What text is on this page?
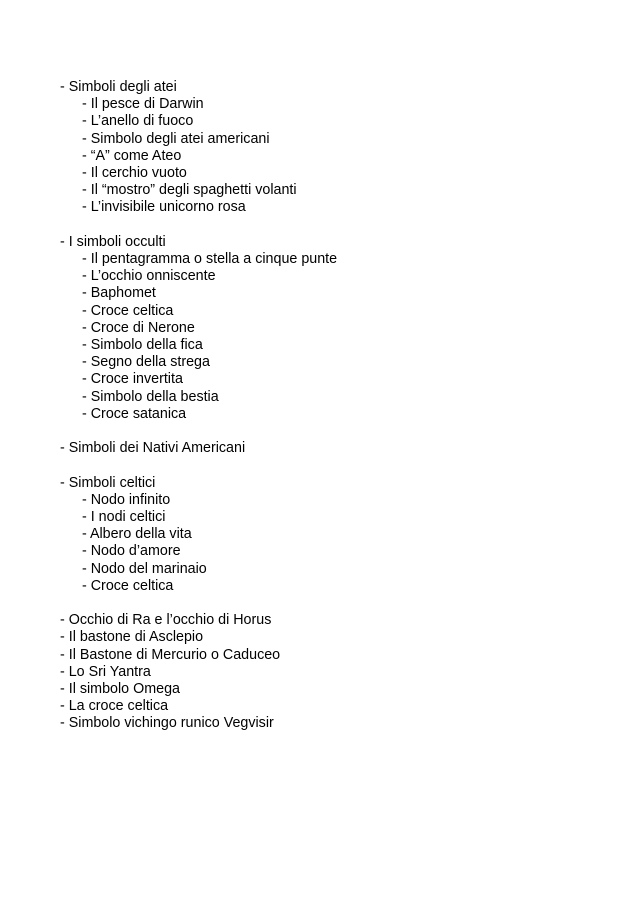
- Simboli degli atei
- Il pesce di Darwin
- L’anello di fuoco
- Simbolo degli atei americani
- “A” come Ateo
- Il cerchio vuoto
- Il “mostro” degli spaghetti volanti
- L’invisibile unicorno rosa
- I simboli occulti
- Il pentagramma o stella a cinque punte
- L’occhio onniscente
- Baphomet
- Croce celtica
- Croce di Nerone
- Simbolo della fica
- Segno della strega
- Croce invertita
- Simbolo della bestia
- Croce satanica
- Simboli dei Nativi Americani
- Simboli celtici
- Nodo infinito
- I nodi celtici
- Albero della vita
- Nodo d’amore
- Nodo del marinaio
- Croce celtica
- Occhio di Ra e l’occhio di Horus
- Il bastone di Asclepio
- Il Bastone di Mercurio o Caduceo
- Lo Sri Yantra
- Il simbolo Omega
- La croce celtica
- Simbolo vichingo runico Vegvisir
